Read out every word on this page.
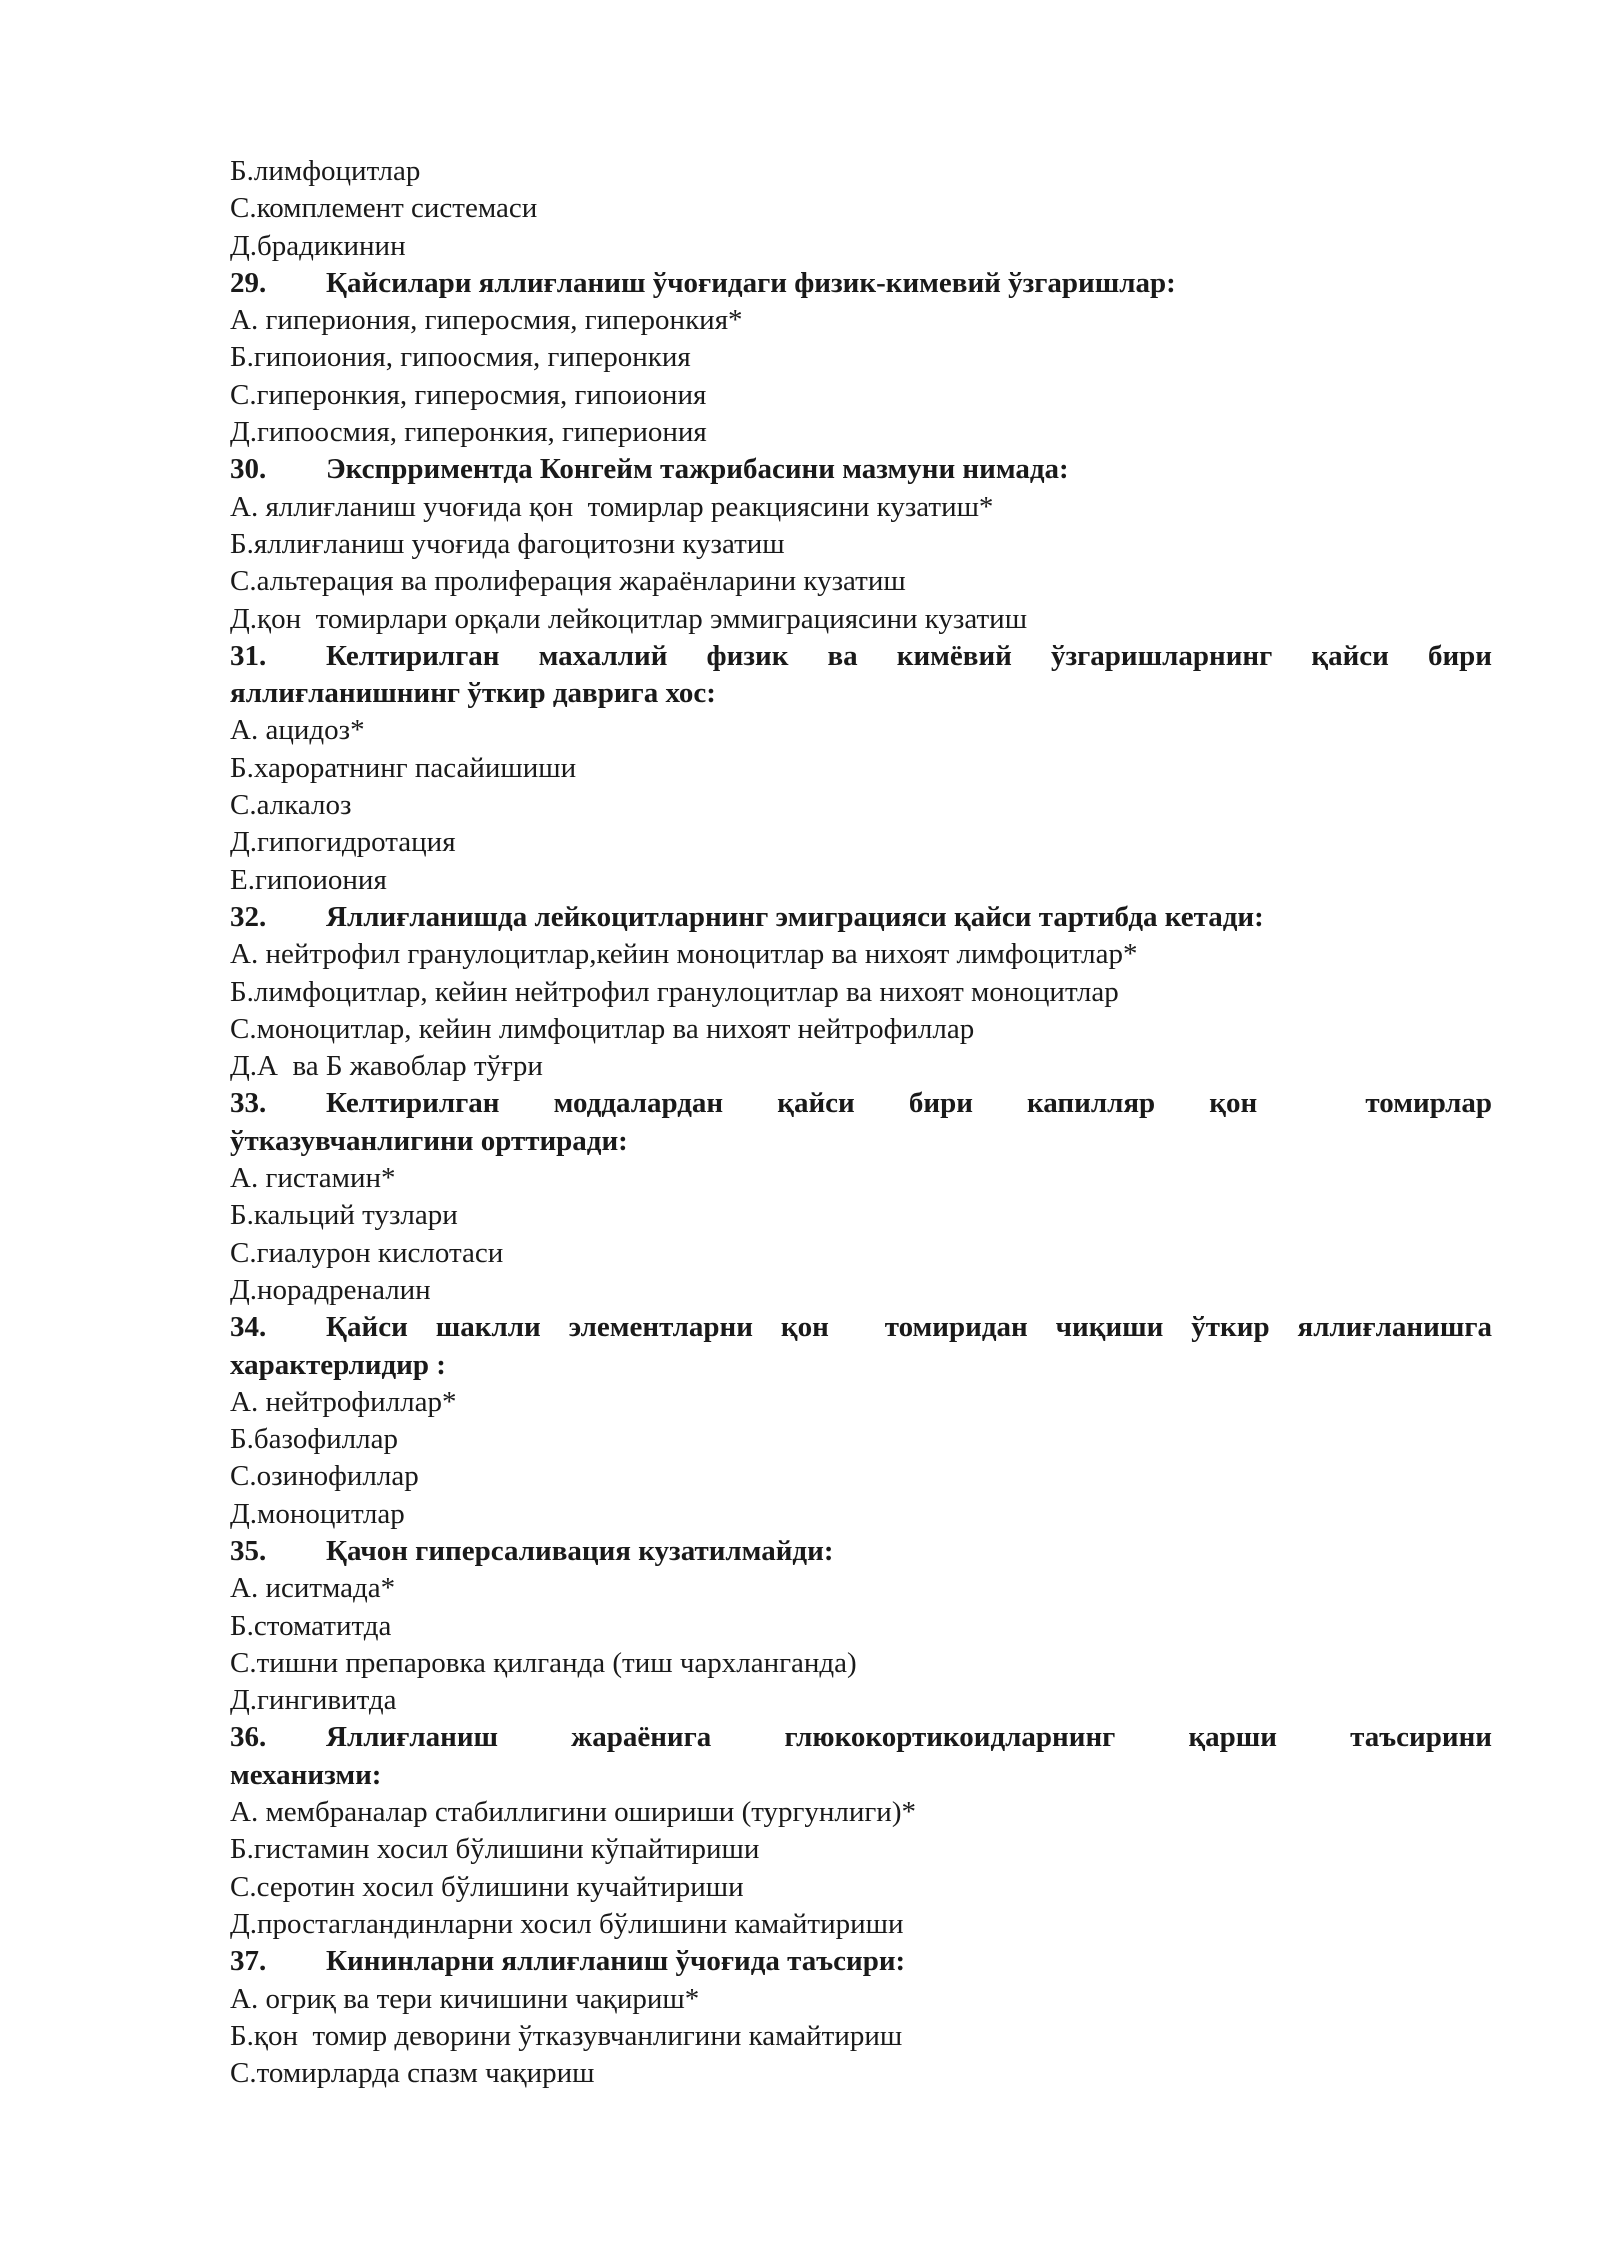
Б.лимфоцитлар
С.комплемент системаси
Д.брадикинин
29.	Қайсилари яллиғланиш ўчоғидаги физик-кимевий ўзгаришлар:
А. гипериония, гиперосмия, гиперонкия*
Б.гипоиония, гипоосмия, гиперонкия
С.гиперонкия, гиперосмия, гипоиония
Д.гипоосмия, гиперонкия, гипериония
30.	Экспрриментда Конгейм тажрибасини мазмуни нимада:
А. яллиғланиш учоғида қон  томирлар реакциясини кузатиш*
Б.яллиғланиш учоғида фагоцитозни кузатиш
С.альтерация ва пролиферация жараёнларини кузатиш
Д.қон  томирлари орқали лейкоцитлар эммиграциясини кузатиш
31.	Келтирилган махаллий физик ва кимёвий ўзгаришларнинг қайси бири
яллиғланишнинг ўткир даврига хос:
А. ацидоз*
Б.хароратнинг пасайишиши
С.алкалоз
Д.гипогидротация
Е.гипоиония
32.	Яллиғланишда лейкоцитларнинг эмиграцияси қайси тартибда кетади:
А. нейтрофил гранулоцитлар,кейин моноцитлар ва нихоят лимфоцитлар*
Б.лимфоцитлар, кейин нейтрофил гранулоцитлар ва нихоят моноцитлар
С.моноцитлар, кейин лимфоцитлар ва нихоят нейтрофиллар
Д.А  ва Б жавоблар тўғри
33.	Келтирилган моддалардан қайси бири капилляр қон  томирлар
ўтказувчанлигини орттиради:
А. гистамин*
Б.кальций тузлари
С.гиалурон кислотаси
Д.норадреналин
34.	Қайси шаклли элементларни қон  томиридан чиқиши ўткир яллиғланишга
характерлидир :
А. нейтрофиллар*
Б.базофиллар
С.озинофиллар
Д.моноцитлар
35.	Қачон гиперсаливация кузатилмайди:
А. иситмада*
Б.стоматитда
С.тишни препаровка қилганда (тиш чархланганда)
Д.гингивитда
36.	Яллиғланиш жараёнига глюкокортикоидларнинг қарши таъсирини
механизми:
А. мембраналар стабиллигини ошириши (тургунлиги)*
Б.гистамин хосил бўлишини кўпайтириши
С.серотин хосил бўлишини кучайтириши
Д.простагландинларни хосил бўлишини камайтириши
37.	Кининларни яллиғланиш ўчоғида таъсири:
А. огриқ ва тери кичишини чақириш*
Б.қон  томир деворини ўтказувчанлигини камайтириш
С.томирларда спазм чақириш
